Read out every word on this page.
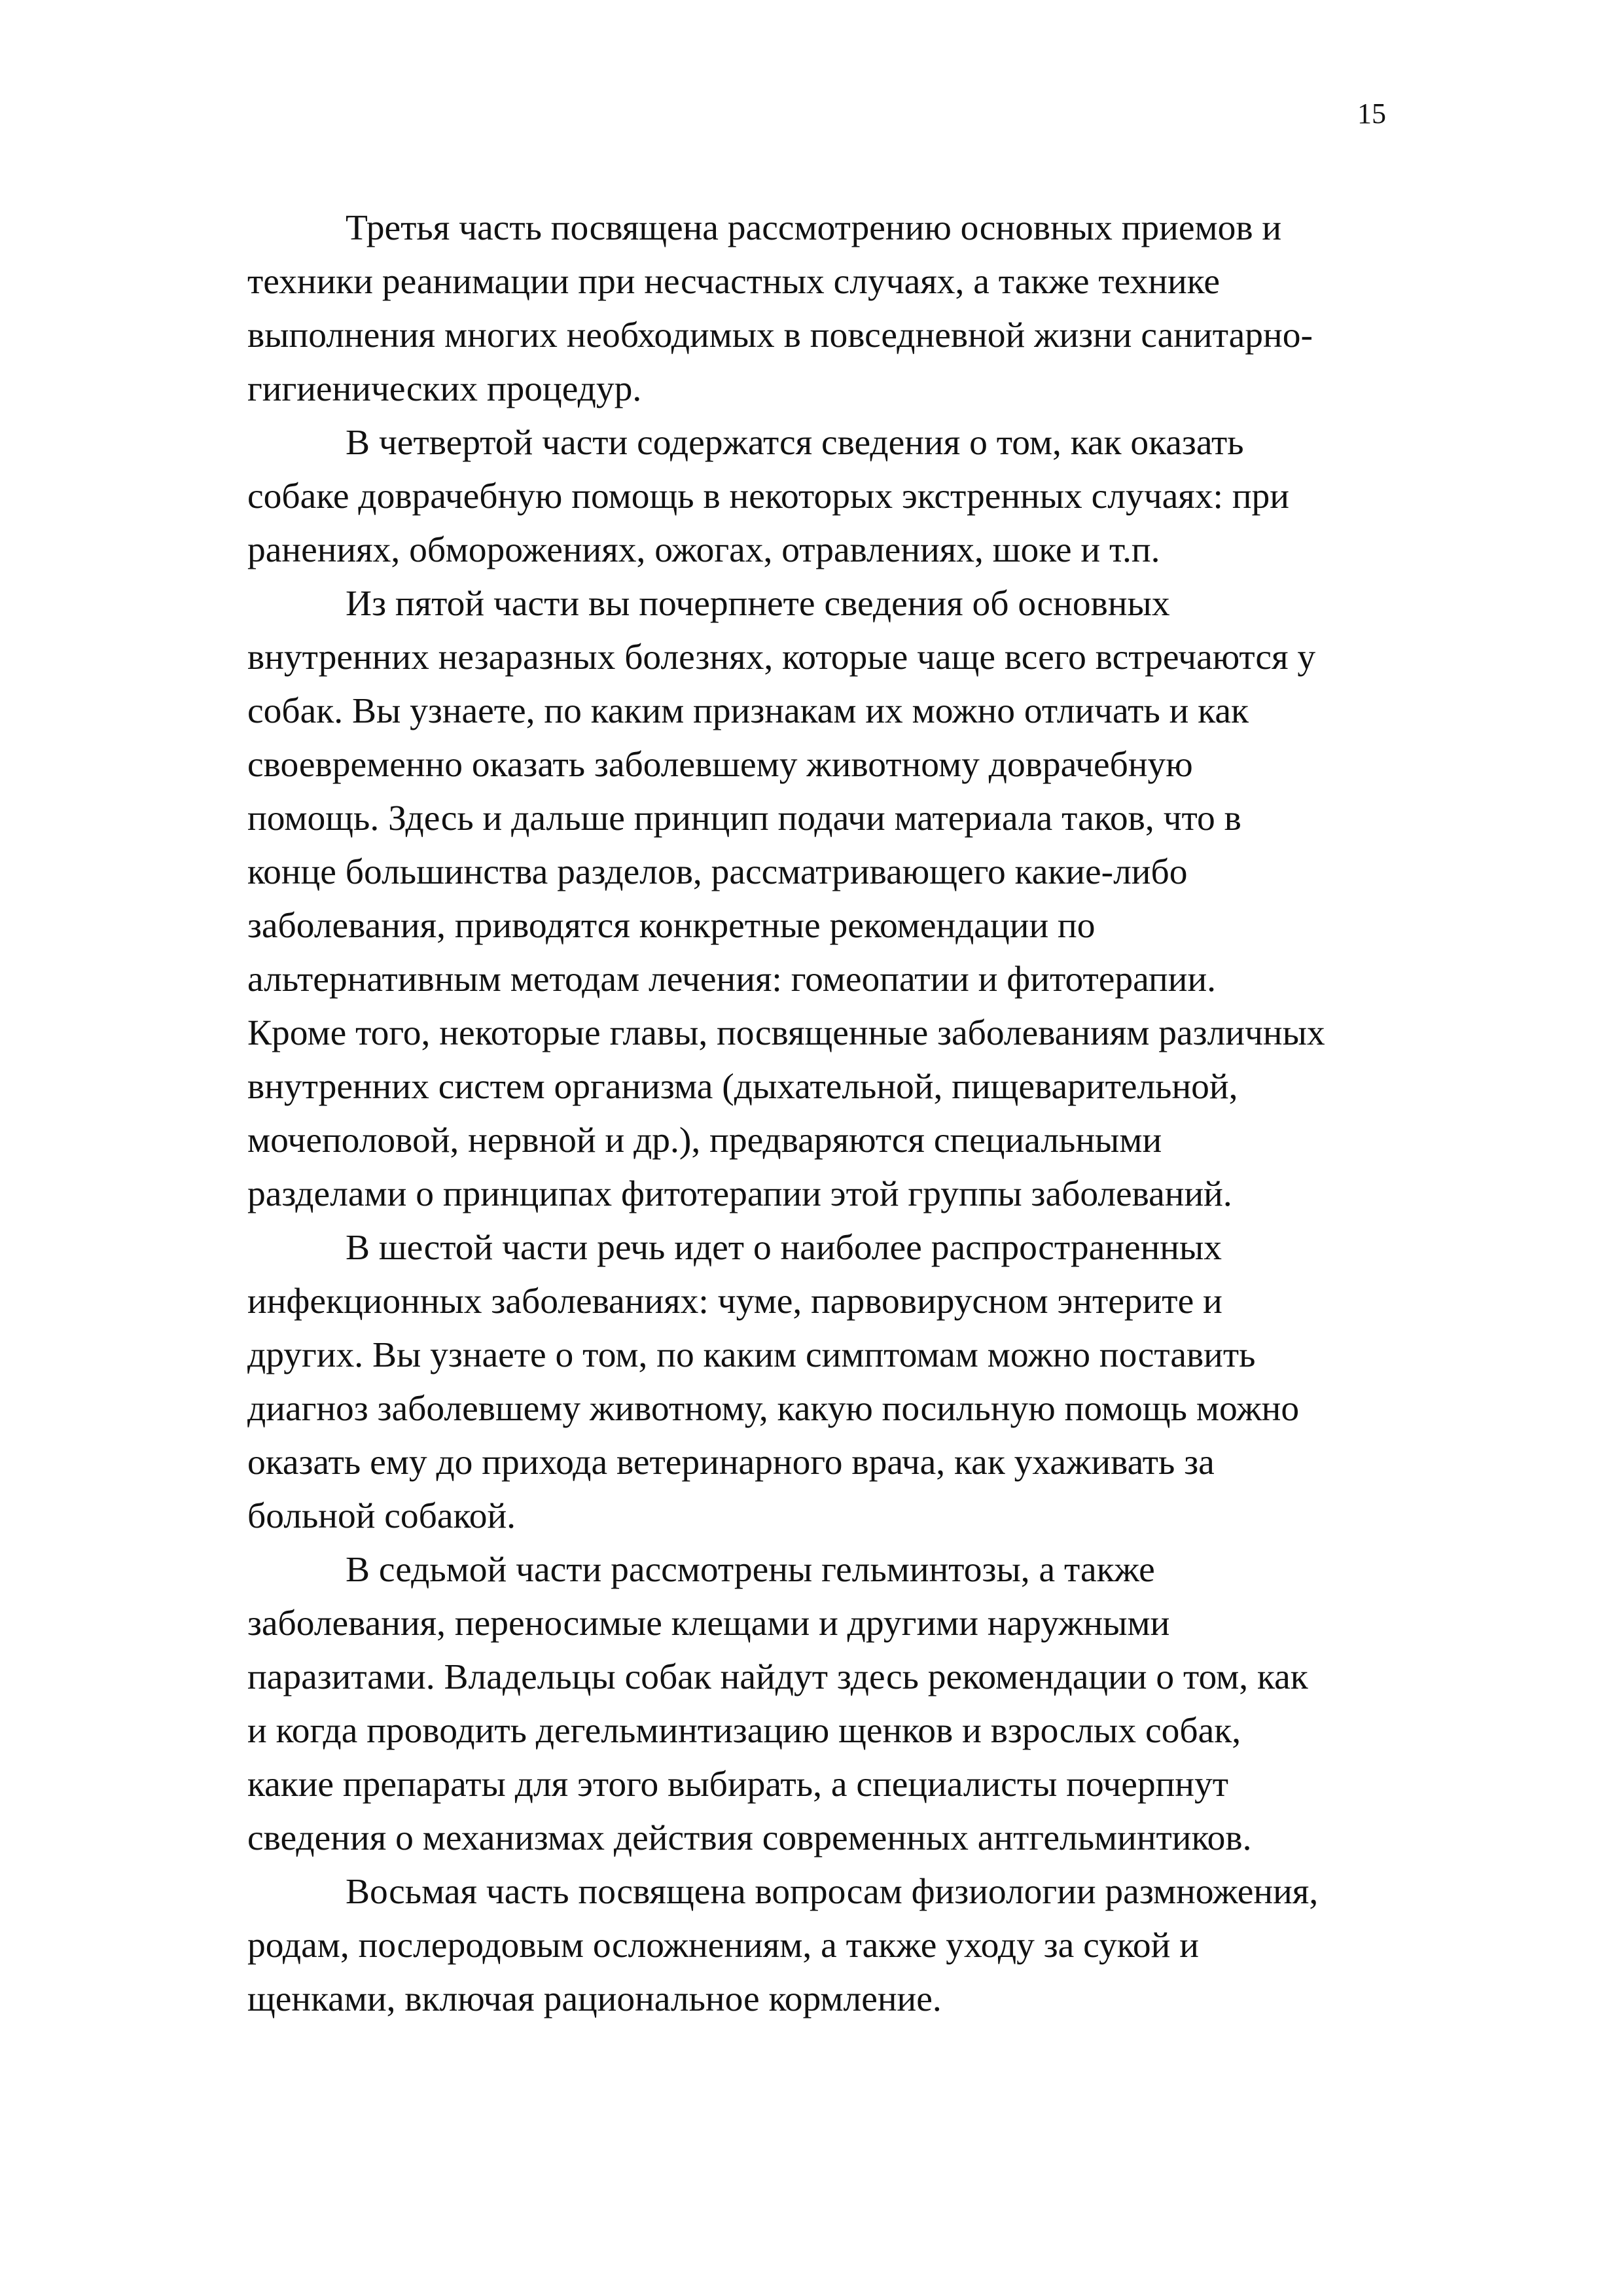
15

Третья часть посвящена рассмотрению основных приемов и
техники реанимации при несчастных случаях, а также технике
выполнения многих необходимых в повседневной жизни санитарно-
гигиенических процедур.

В четвертой части содержатся сведения о том, как оказать
собаке доврачебную помощь в некоторых экстренных случаях: при
ранениях, обморожениях, ожогах, отравлениях, шоке и т.п.

Из пятой части вы почерпнете сведения об основных
внутренних незаразных болезнях, которые чаще всего встречаются у
собак. Вы узнаете, по каким признакам их можно отличать и как
своевременно оказать заболевшему животному доврачебную
помощь. Здесь и дальше принцип подачи материала таков, что в
конце большинства разделов, рассматривающего какие-либо
заболевания, приводятся конкретные рекомендации по
альтернативным методам лечения: гомеопатии и фитотерапии.
Кроме того, некоторые главы, посвященные заболеваниям различных
внутренних систем организма (дыхательной, пищеварительной,
мочеполовой, нервной и др.), предваряются специальными
разделами о принципах фитотерапии этой группы заболеваний.

В шестой части речь идет о наиболее распространенных
инфекционных заболеваниях: чуме, парвовирусном энтерите и
других. Вы узнаете о том, по каким симптомам можно поставить
диагноз заболевшему животному, какую посильную помощь можно
оказать ему до прихода ветеринарного врача, как ухаживать за
больной собакой.

В седьмой части рассмотрены гельминтозы, а также
заболевания, переносимые клещами и другими наружными
паразитами. Владельцы собак найдут здесь рекомендации о том, как
и когда проводить дегельминтизацию щенков и взрослых собак,
какие препараты для этого выбирать, а специалисты почерпнут
сведения о механизмах действия современных антгельминтиков.

Восьмая часть посвящена вопросам физиологии размножения,
родам, послеродовым осложнениям, а также уходу за сукой и
щенками, включая рациональное кормление.
